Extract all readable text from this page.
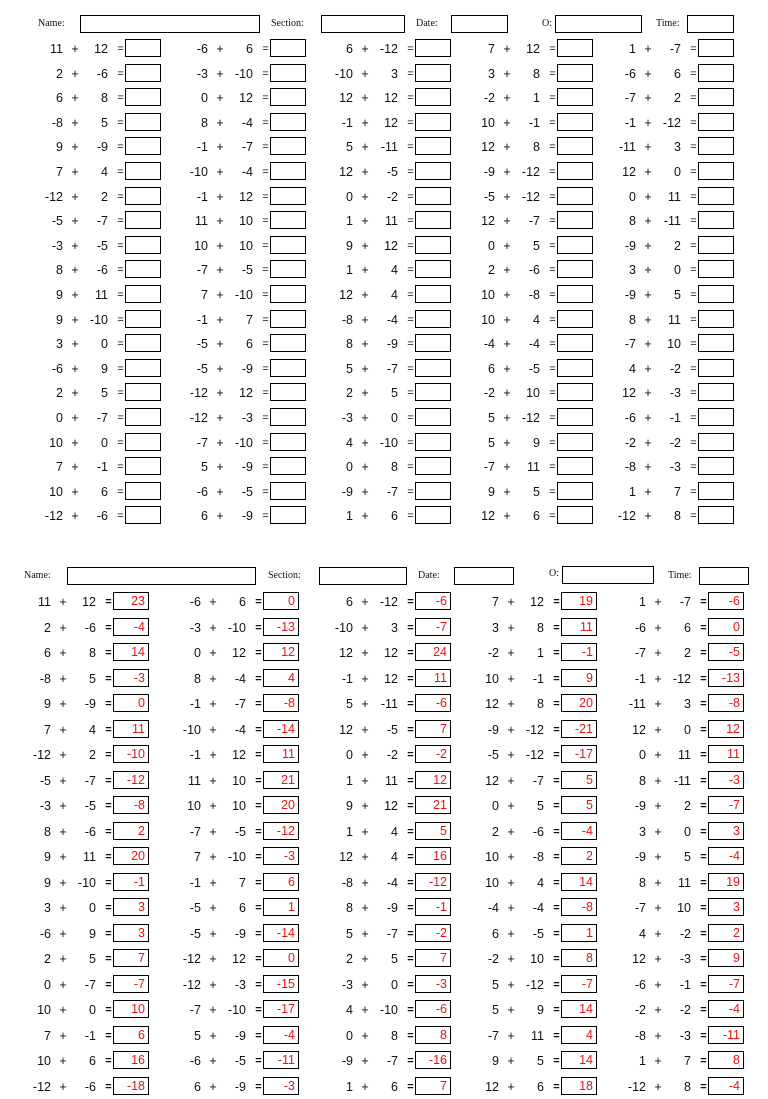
Name:	Section:	Date:	O:	Time:
11 +	12 =	-6 +	6 =	6 + -12 =	7 +	12 =	1 +	-7 =
2 +	-6 =	-3 + -10 =	-10 +	3 =	3 +	8 =	-6 +	6 =
6 +	8 =	0 +	12 =	12 +	12 =	-2 +	1 =	-7 +	2 =
-8 +	5 =	8 +	-4 =	-1 +	12 =	10 +	-1 =	-1 + -12 =
9 +	-9 =	-1 +	-7 =	5 + -11 =	12 +	8 =	-11 +	3 =
7 +	4 =	-10 +	-4 =	12 +	-5 =	-9 + -12 =	12 +	0 =
-12 +	2 =	-1 +	12 =	0 +	-2 =	-5 + -12 =	0 +	11 =
-5 +	-7 =	11 +	10 =	1 +	11 =	12 +	-7 =	8 + -11 =
-3 +	-5 =	10 +	10 =	9 +	12 =	0 +	5 =	-9 +	2 =
8 +	-6 =	-7 +	-5 =	1 +	4 =	2 +	-6 =	3 +	0 =
9 +	11 =	7 + -10 =	12 +	4 =	10 +	-8 =	-9 +	5 =
9 + -10 =	-1 +	7 =	-8 +	-4 =	10 +	4 =	8 +	11 =
3 +	0 =	-5 +	6 =	8 +	-9 =	-4 +	-4 =	-7 +	10 =
-6 +	9 =	-5 +	-9 =	5 +	-7 =	6 +	-5 =	4 +	-2 =
2 +	5 =	-12 +	12 =	2 +	5 =	-2 +	10 =	12 +	-3 =
0 +	-7 =	-12 +	-3 =	-3 +	0 =	5 + -12 =	-6 +	-1 =
10 +	0 =	-7 + -10 =	4 + -10 =	5 +	9 =	-2 +	-2 =
7 +	-1 =	5 +	-9 =	0 +	8 =	-7 +	11 =	-8 +	-3 =
10 +	6 =	-6 +	-5 =	-9 +	-7 =	9 +	5 =	1 +	7 =
-12 +	-6 =	6 +	-9 =	1 +	6 =	12 +	6 =	-12 +	8 =
Name:	Section:	Date:	O:	Time:
11 +	12 =	23	-6 +	6 =	0	6 + -12 =	-6	7 +	12 =	19	1 +	-7 =	-6
2 +	-6 =	-4	-3 + -10 =	-13	-10 +	3 =	-7	3 +	8 =	11	-6 +	6 =	0
6 +	8 =	14	0 +	12 =	12	12 +	12 =	24	-2 +	1 =	-1	-7 +	2 =	-5
-8 +	5 =	-3	8 +	-4 =	4	-1 +	12 =	11	10 +	-1 =	9	-1 + -12 =	-13
9 +	-9 =	0	-1 +	-7 =	-8	5 + -11 =	-6	12 +	8 =	20	-11 +	3 =	-8
7 +	4 =	11	-10 +	-4 =	-14	12 +	-5 =	7	-9 + -12 =	-21	12 +	0 =	12
-12 +	2 =	-10	-1 +	12 =	11	0 +	-2 =	-2	-5 + -12 =	-17	0 +	11 =	11
-5 +	-7 =	-12	11 +	10 =	21	1 +	11 =	12	12 +	-7 =	5	8 + -11 =	-3
-3 +	-5 =	-8	10 +	10 =	20	9 +	12 =	21	0 +	5 =	5	-9 +	2 =	-7
8 +	-6 =	2	-7 +	-5 =	-12	1 +	4 =	5	2 +	-6 =	-4	3 +	0 =	3
9 +	11 =	20	7 + -10 =	-3	12 +	4 =	16	10 +	-8 =	2	-9 +	5 =	-4
9 + -10 =	-1	-1 +	7 =	6	-8 +	-4 =	-12	10 +	4 =	14	8 +	11 =	19
3 +	0 =	3	-5 +	6 =	1	8 +	-9 =	-1	-4 +	-4 =	-8	-7 +	10 =	3
-6 +	9 =	3	-5 +	-9 =	-14	5 +	-7 =	-2	6 +	-5 =	1	4 +	-2 =	2
2 +	5 =	7	-12 +	12 =	0	2 +	5 =	7	-2 +	10 =	8	12 +	-3 =	9
0 +	-7 =	-7	-12 +	-3 =	-15	-3 +	0 =	-3	5 + -12 =	-7	-6 +	-1 =	-7
10 +	0 =	10	-7 + -10 =	-17	4 + -10 =	-6	5 +	9 =	14	-2 +	-2 =	-4
7 +	-1 =	6	5 +	-9 =	-4	0 +	8 =	8	-7 +	11 =	4	-8 +	-3 =	-11
10 +	6 =	16	-6 +	-5 =	-11	-9 +	-7 =	-16	9 +	5 =	14	1 +	7 =	8
-12 +	-6 =	-18	6 +	-9 =	-3	1 +	6 =	7	12 +	6 =	18	-12 +	8 =	-4
